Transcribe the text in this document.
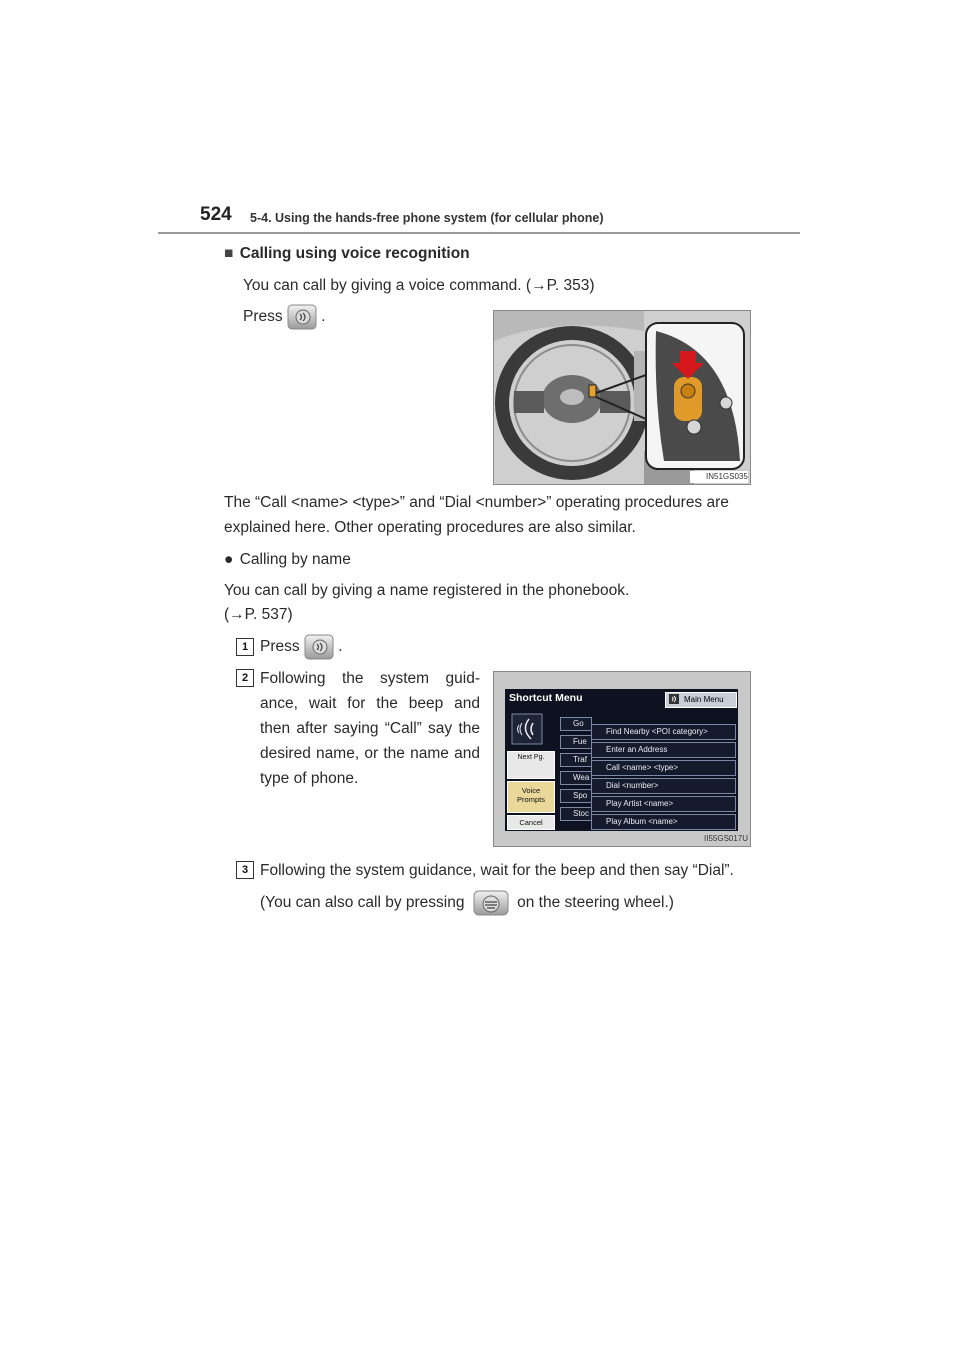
524 5-4. Using the hands-free phone system (for cellular phone)
■ Calling using voice recognition
You can call by giving a voice command. (→P. 353)
Press .
IN51GS035
The “Call <name> <type>” and “Dial <number>” operating procedures are
explained here. Other operating procedures are also similar.
● Calling by name
You can call by giving a name registered in the phonebook.
(→P. 537)
1 Press .
2 Following the system guid-
ance, wait for the beep and
then after saying “Call” say the
desired name, or the name and
type of phone.
Shortcut Menu	Main Menu
Next Pg.
Voice
Prompts
Cancel
Go
Fue
Traf
Wea
Spo
Stoc
Find Nearby <POI category>
Enter an Address
Call <name> <type>
Dial <number>
Play Artist <name>
Play Album <name>
II55GS017U
3 Following the system guidance, wait for the beep and then say “Dial”.
(You can also call by pressing	on the steering wheel.)
